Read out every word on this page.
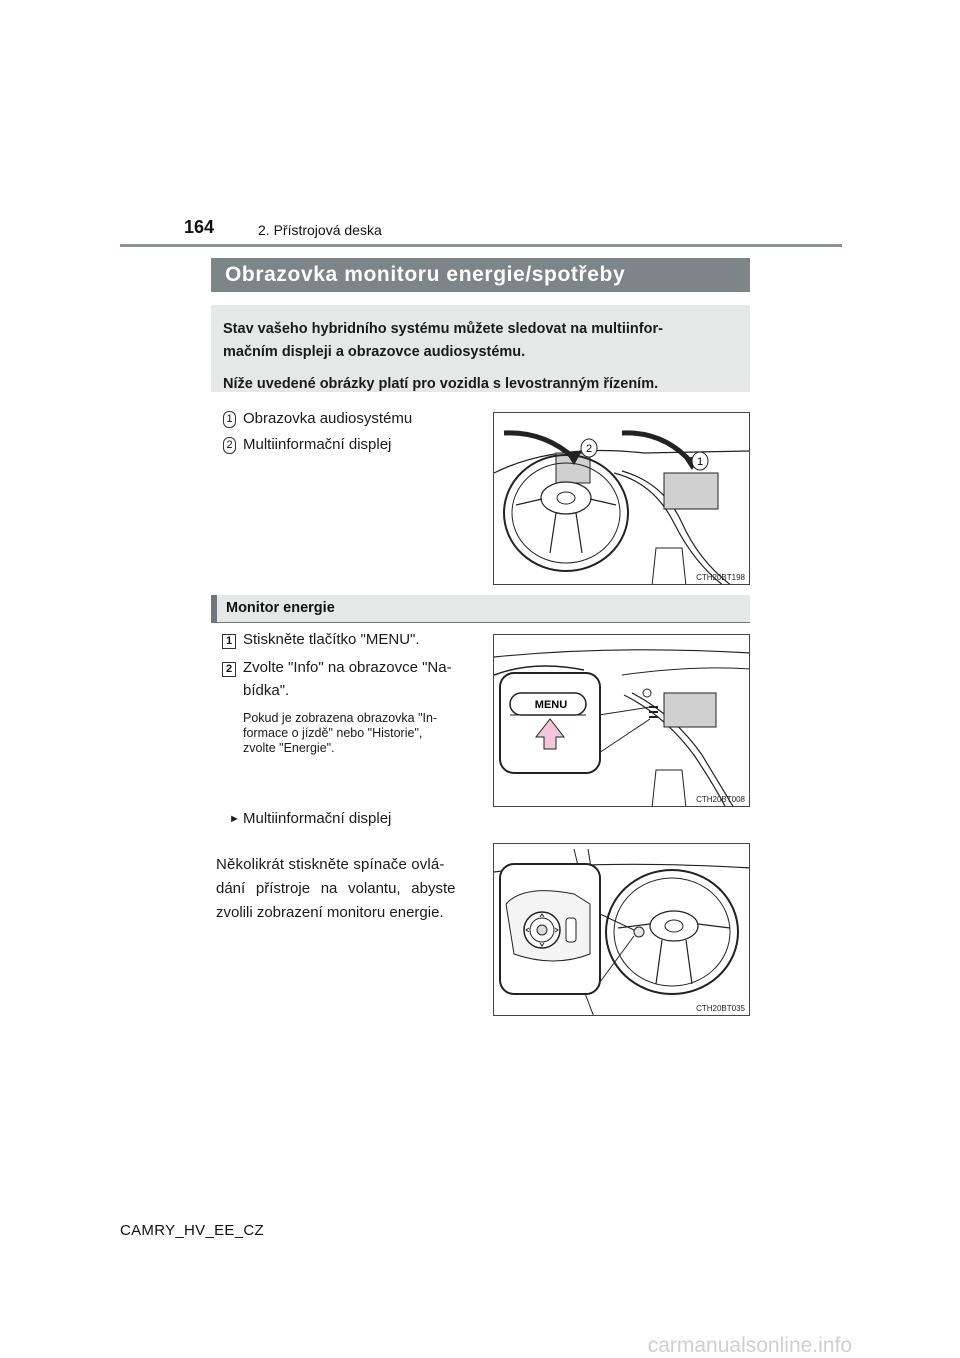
164	2. Přístrojová deska
Obrazovka monitoru energie/spotřeby
Stav vašeho hybridního systému můžete sledovat na multiinfor-
mačním displeji a obrazovce audiosystému.
Níže uvedené obrázky platí pro vozidla s levostranným řízením.
1 Obrazovka audiosystému
2 Multiinformační displej	2
1
CTH20BT198
Monitor energie
1 Stiskněte tlačítko "MENU".
2 Zvolte "Info" na obrazovce "Na-
bídka".
Pokud je zobrazena obrazovka "In-
formace o jízdě" nebo "Historie",
zvolte "Energie".
MENU
CTH20BT008
► Multiinformační displej
Několikrát stiskněte spínače ovlá-
dání přístroje na volantu, abyste
zvolili zobrazení monitoru energie.
CTH20BT035
CAMRY_HV_EE_CZ
carmanualsonline.info
